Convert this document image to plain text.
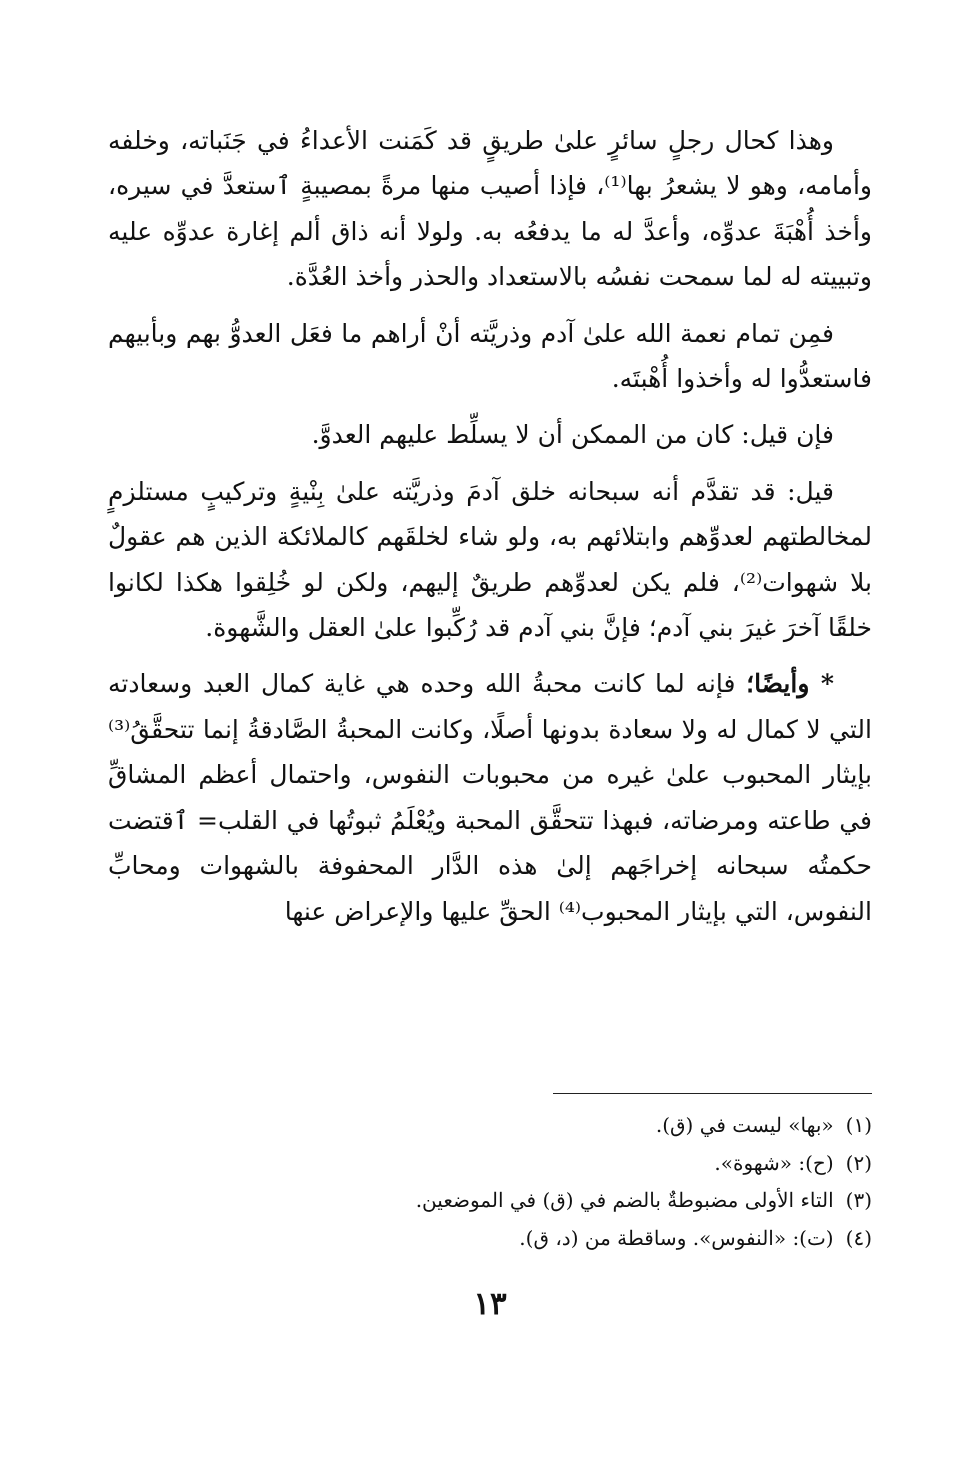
وهذا كحال رجلٍ سائرٍ علىٰ طريقٍ قد كَمَنت الأعداءُ في جَنَباته، وخلفه وأمامه، وهو لا يشعرُ بها⁽¹⁾، فإذا أصيب منها مرةً بمصيبةٍ ٱستعدَّ في سيره، وأخذ أُهْبَةَ عدوِّه، وأعدَّ له ما يدفعُه به. ولولا أنه ذاق ألم إغارة عدوِّه عليه وتبييته له لما سمحت نفسُه بالاستعداد والحذر وأخذ العُدَّة.

فمِن تمام نعمة الله علىٰ آدم وذريَّته أنْ أراهم ما فعَل العدوُّ بهم وبأبيهم فاستعدُّوا له وأخذوا أُهْبتَه.

فإن قيل: كان من الممكن أن لا يسلِّط عليهم العدوَّ.

قيل: قد تقدَّم أنه سبحانه خلق آدمَ وذريَّته علىٰ بِنْيةٍ وتركيبٍ مستلزمٍ لمخالطتهم لعدوِّهم وابتلائهم به، ولو شاء لخلقَهم كالملائكة الذين هم عقولٌ بلا شهوات⁽²⁾، فلم يكن لعدوِّهم طريقٌ إليهم، ولكن لو خُلِقوا هكذا لكانوا خلقًا آخرَ غيرَ بني آدم؛ فإنَّ بني آدم قد رُكِّبوا علىٰ العقل والشَّهوة.

* وأيضًا؛ فإنه لما كانت محبةُ الله وحده هي غاية كمال العبد وسعادته التي لا كمال له ولا سعادة بدونها أصلًا، وكانت المحبةُ الصَّادقةُ إنما تتحقَّقُ⁽³⁾ بإيثار المحبوب علىٰ غيره من محبوبات النفوس، واحتمال أعظم المشاقِّ في طاعته ومرضاته، فبهذا تتحقَّق المحبة ويُعْلَمُ ثبوتُها في القلب= ٱقتضت حكمتُه سبحانه إخراجَهم إلىٰ هذه الدَّار المحفوفة بالشهوات ومحابِّ النفوس، التي بإيثار المحبوب⁽⁴⁾ الحقِّ عليها والإعراض عنها

(١)«بها» ليست في (ق).

(٢)(ح): «شهوة».

(٣)التاء الأولى مضبوطةٌ بالضم في (ق) في الموضعين.

(٤)(ت): «النفوس». وساقطة من (د، ق).

١٣
